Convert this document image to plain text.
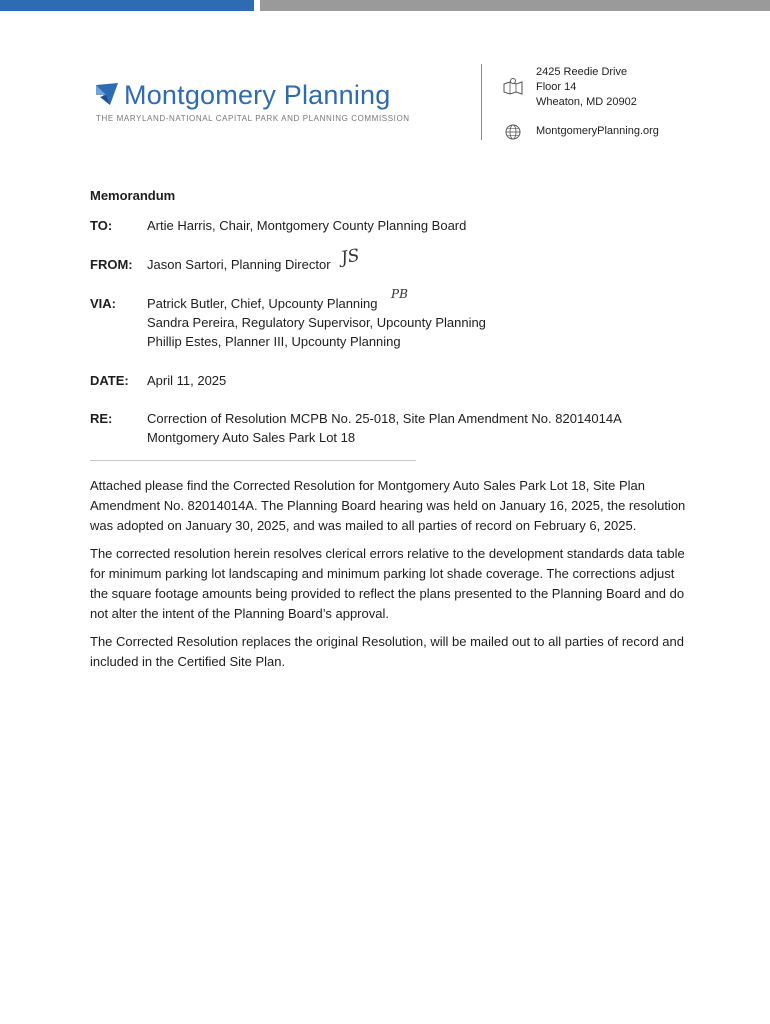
Montgomery Planning
THE MARYLAND-NATIONAL CAPITAL PARK AND PLANNING COMMISSION
2425 Reedie Drive
Floor 14
Wheaton, MD 20902
MontgomeryPlanning.org
Memorandum
TO:	Artie Harris, Chair, Montgomery County Planning Board
FROM: Jason Sartori, Planning Director JS
VIA: Patrick Butler, Chief, Upcounty Planning
PB
Sandra Pereira, Regulatory Supervisor, Upcounty Planning
Phillip Estes, Planner III, Upcounty Planning
DATE: April 11, 2025
RE:	Correction of Resolution MCPB No. 25-018, Site Plan Amendment No. 82014014A
Montgomery Auto Sales Park Lot 18

Attached please find the Corrected Resolution for Montgomery Auto Sales Park Lot 18, Site Plan Amendment No. 82014014A. The Planning Board hearing was held on January 16, 2025, the resolution was adopted on January 30, 2025, and was mailed to all parties of record on February 6, 2025.

The corrected resolution herein resolves clerical errors relative to the development standards data table for minimum parking lot landscaping and minimum parking lot shade coverage. The corrections adjust the square footage amounts being provided to reflect the plans presented to the Planning Board and do not alter the intent of the Planning Board’s approval.

The Corrected Resolution replaces the original Resolution, will be mailed out to all parties of record and included in the Certified Site Plan.
